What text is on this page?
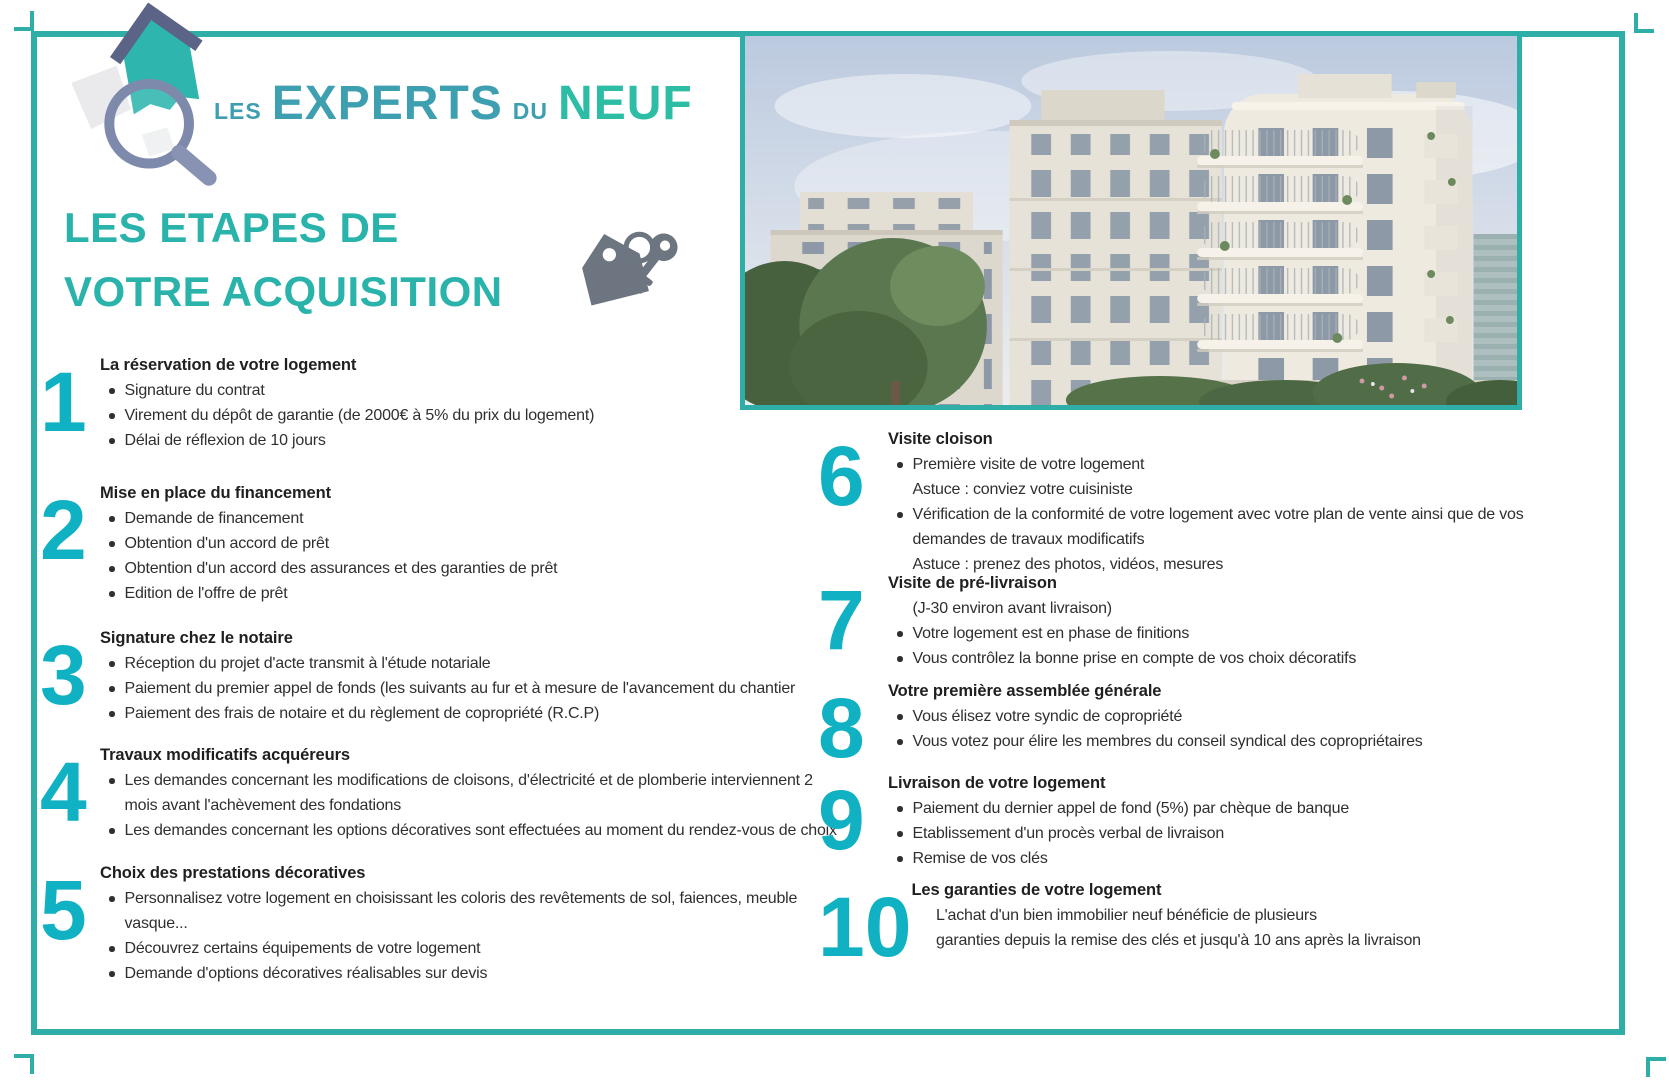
LES EXPERTS DU NEUF
LES ETAPES DE
VOTRE ACQUISITION
1 La réservation de votre logement
Signature du contrat
Virement du dépôt de garantie (de 2000€ à 5% du prix du logement)
Délai de réflexion de 10 jours
2 Mise en place du financement
Demande de financement
Obtention d'un accord de prêt
Obtention d'un accord des assurances et des garanties de prêt
Edition de l'offre de prêt
3 Signature chez le notaire
Réception du projet d'acte transmit à l'étude notariale
Paiement du premier appel de fonds (les suivants au fur et à mesure de l'avancement du chantier
Paiement des frais de notaire et du règlement de copropriété (R.C.P)
4 Travaux modificatifs acquéreurs
Les demandes concernant les modifications de cloisons, d'électricité et de plomberie interviennent 2 mois avant l'achèvement des fondations
Les demandes concernant les options décoratives sont effectuées au moment du rendez-vous de choix
5 Choix des prestations décoratives
Personnalisez votre logement en choisissant les coloris des revêtements de sol, faiences, meuble vasque...
Découvrez certains équipements de votre logement
Demande d'options décoratives réalisables sur devis
6	Visite cloison
Première visite de votre logement
Astuce : conviez votre cuisiniste
Vérification de la conformité de votre logement avec votre plan de vente ainsi que de vos demandes de travaux modificatifs
Astuce : prenez des photos, vidéos, mesures
7	Visite de pré-livraison
(J-30 environ avant livraison)
Votre logement est en phase de finitions
Vous contrôlez la bonne prise en compte de vos choix décoratifs
8	Votre première assemblée générale
Vous élisez votre syndic de copropriété
Vous votez pour élire les membres du conseil syndical des copropriétaires
9	Livraison de votre logement
Paiement du dernier appel de fond (5%) par chèque de banque
Etablissement d'un procès verbal de livraison
Remise de vos clés
10 Les garanties de votre logement
L'achat d'un bien immobilier neuf bénéficie de plusieurs
garanties depuis la remise des clés et jusqu'à 10 ans après la livraison
